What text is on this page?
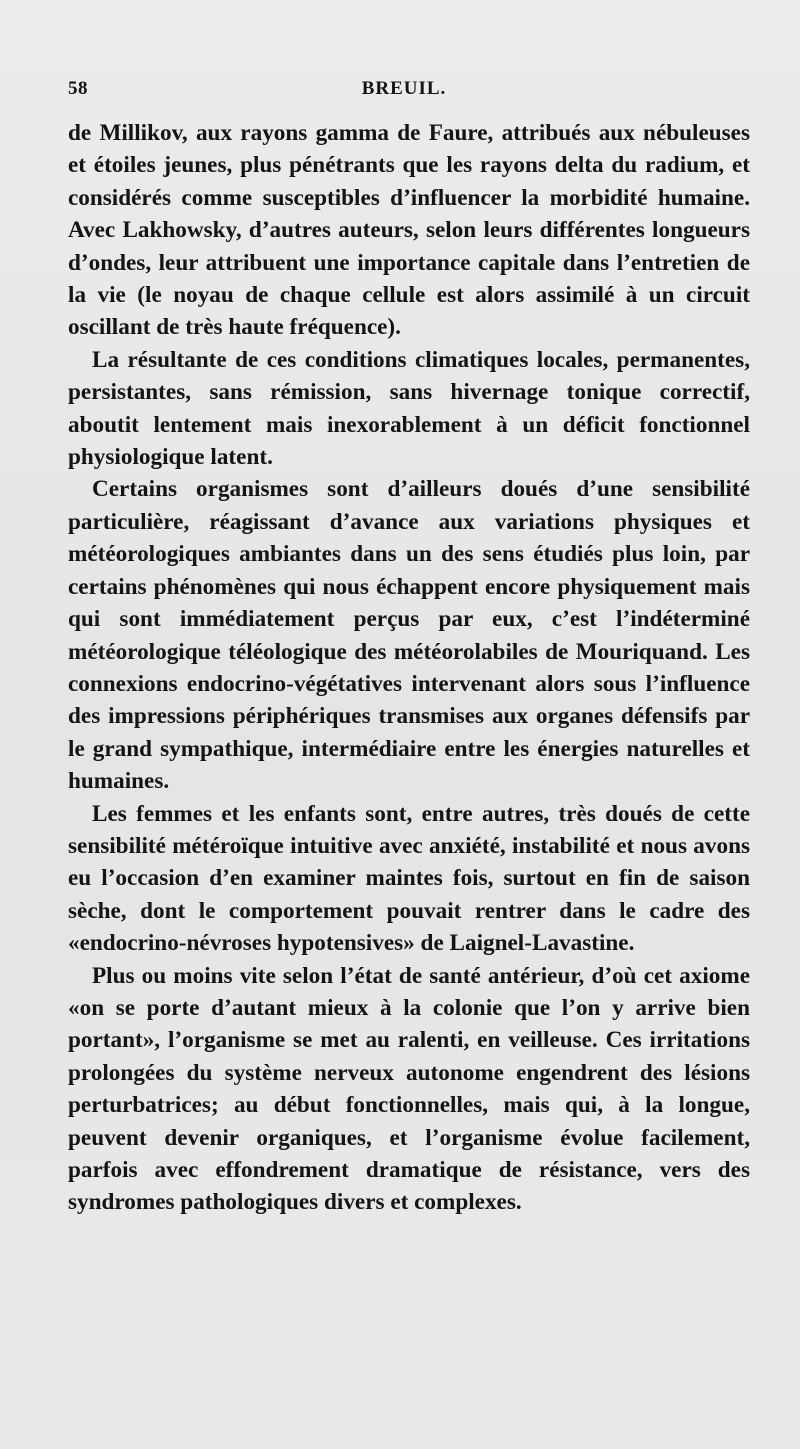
58	BREUIL.

de Millikov, aux rayons gamma de Faure, attribués aux nébuleuses et étoiles jeunes, plus pénétrants que les rayons delta du radium, et considérés comme susceptibles d’influencer la morbidité humaine. Avec Lakhowsky, d’autres auteurs, selon leurs différentes longueurs d’ondes, leur attribuent une importance capitale dans l’entretien de la vie (le noyau de chaque cellule est alors assimilé à un circuit oscillant de très haute fréquence).

La résultante de ces conditions climatiques locales, permanentes, persistantes, sans rémission, sans hivernage tonique correctif, aboutit lentement mais inexorablement à un déficit fonctionnel physiologique latent.

Certains organismes sont d’ailleurs doués d’une sensibilité particulière, réagissant d’avance aux variations physiques et météorologiques ambiantes dans un des sens étudiés plus loin, par certains phénomènes qui nous échappent encore physiquement mais qui sont immédiatement perçus par eux, c’est l’indéterminé météorologique téléologique des météorolabiles de Mouriquand. Les connexions endocrino-végétatives intervenant alors sous l’influence des impressions périphériques transmises aux organes défensifs par le grand sympathique, intermédiaire entre les énergies naturelles et humaines.

Les femmes et les enfants sont, entre autres, très doués de cette sensibilité météroïque intuitive avec anxiété, instabilité et nous avons eu l’occasion d’en examiner maintes fois, surtout en fin de saison sèche, dont le comportement pouvait rentrer dans le cadre des «endocrino-névroses hypotensives» de Laignel-Lavastine.

Plus ou moins vite selon l’état de santé antérieur, d’où cet axiome «on se porte d’autant mieux à la colonie que l’on y arrive bien portant», l’organisme se met au ralenti, en veilleuse. Ces irritations prolongées du système nerveux autonome engendrent des lésions perturbatrices; au début fonctionnelles, mais qui, à la longue, peuvent devenir organiques, et l’organisme évolue facilement, parfois avec effondrement dramatique de résistance, vers des syndromes pathologiques divers et complexes.
